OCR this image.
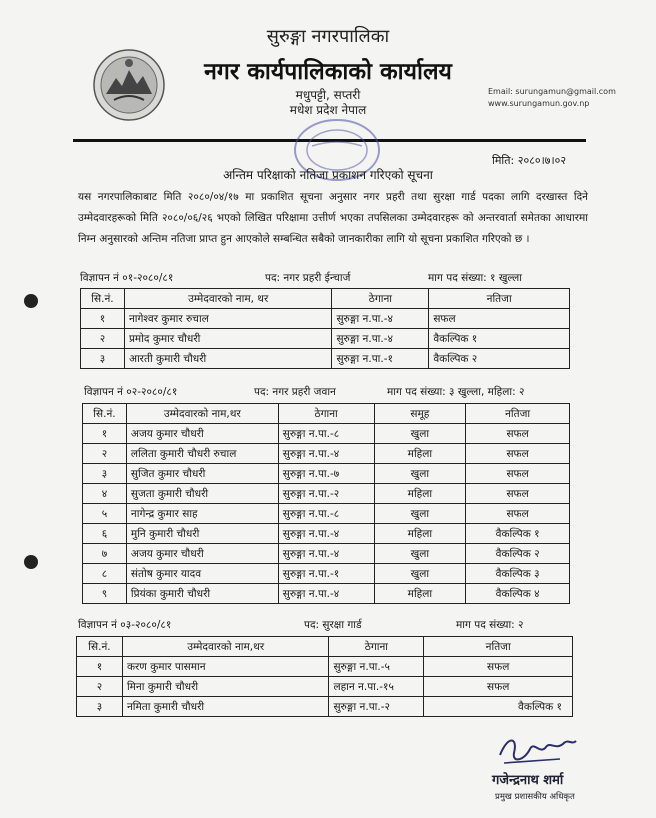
सुरुङ्गा नगरपालिका
नगर कार्यपालिकाको कार्यालय
मधुपट्टी, सप्तरी
मधेश प्रदेश नेपाल
Email: surungamun@gmail.com
www.surungamun.gov.np
मिति: २०८०।७।०२
अन्तिम परिक्षाको नतिजा प्रकाशन गरिएको सूचना
यस नगरपालिकाबाट मिति २०८०/०४/१७ मा प्रकाशित सूचना अनुसार नगर प्रहरी तथा सुरक्षा गार्ड पदका लागि दरखास्त दिने उम्मेदवारहरूको मिति २०८०/०६/२६ भएको लिखित परिक्षामा उत्तीर्ण भएका तपसिलका उम्मेदवारहरू को अन्तरवार्ता समेतका आधारमा निम्न अनुसारको अन्तिम नतिजा प्राप्त हुन आएकोले सम्बन्धित सबैको जानकारीका लागि यो सूचना प्रकाशित गरिएको छ ।
विज्ञापन नं ०१-२०८०/८१	पद: नगर प्रहरी ईन्चार्ज	माग पद संख्या: १ खुल्ला
सि.नं.	उम्मेदवारको नाम, थर	ठेगाना	नतिजा
१	नागेश्वर कुमार रुचाल	सुरुङ्गा न.पा.-४	सफल
२	प्रमोद कुमार चौधरी	सुरुङ्गा न.पा.-४	वैकल्पिक १
३	आरती कुमारी चौधरी	सुरुङ्गा न.पा.-१	वैकल्पिक २
विज्ञापन नं ०२-२०८०/८१	पद: नगर प्रहरी जवान	माग पद संख्या: ३ खुल्ला, महिला: २
सि.नं.	उम्मेदवारको नाम,थर	ठेगाना	समूह	नतिजा
१	अजय कुमार चौधरी	सुरुङ्गा न.पा.-८	खुला	सफल
२	ललिता कुमारी चौधरी रुचाल	सुरुङ्गा न.पा.-४	महिला	सफल
३	सुजित कुमार चौधरी	सुरुङ्गा न.पा.-७	खुला	सफल
४	सुजता कुमारी चौधरी	सुरुङ्गा न.पा.-२	महिला	सफल
५	नागेन्द्र कुमार साह	सुरुङ्गा न.पा.-८	खुला	सफल
६	मुनि कुमारी चौधरी	सुरुङ्गा न.पा.-४	महिला	वैकल्पिक १
७	अजय कुमार चौधरी	सुरुङ्गा न.पा.-४	खुला	वैकल्पिक २
८	संतोष कुमार यादव	सुरुङ्गा न.पा.-१	खुला	वैकल्पिक ३
९	प्रियंका कुमारी चौधरी	सुरुङ्गा न.पा.-४	महिला	वैकल्पिक ४
विज्ञापन नं ०३-२०८०/८१	पद: सुरक्षा गार्ड	माग पद संख्या: २
सि.नं.	उम्मेदवारको नाम,थर	ठेगाना	नतिजा
१	करण कुमार पासमान	सुरुङ्गा न.पा.-५	सफल
२	मिना कुमारी चौधरी	लहान न.पा.-१५	सफल
३	नमिता कुमारी चौधरी	सुरुङ्गा न.पा.-२	वैकल्पिक १
गजेन्द्रनाथ शर्मा
प्रमुख प्रशासकीय अधिकृत
